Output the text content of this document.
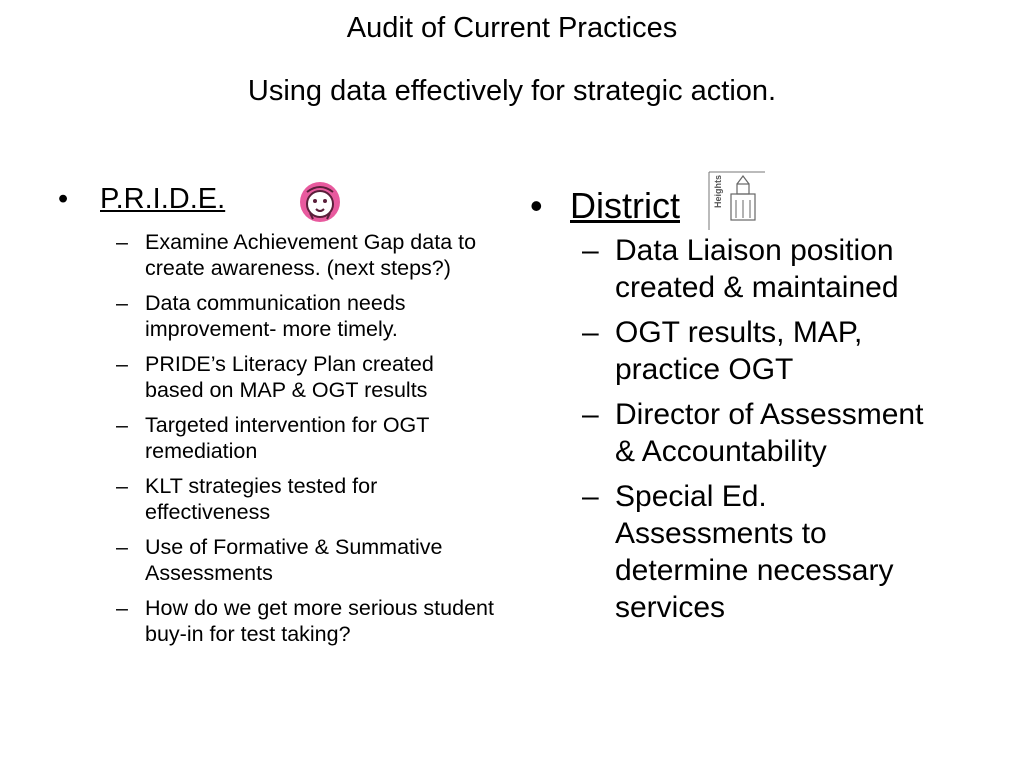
Audit of Current Practices
Using data effectively for strategic action.
• P.R.I.D.E.
– Examine Achievement Gap data to create awareness. (next steps?)
– Data communication needs improvement- more timely.
– PRIDE’s Literacy Plan created based on MAP & OGT results
– Targeted intervention for OGT remediation
– KLT strategies tested for effectiveness
– Use of Formative & Summative Assessments
– How do we get more serious student buy-in for test taking?
• District
– Data Liaison position created & maintained
– OGT results, MAP, practice OGT
– Director of Assessment & Accountability
– Special Ed. Assessments to determine necessary services
Heights
